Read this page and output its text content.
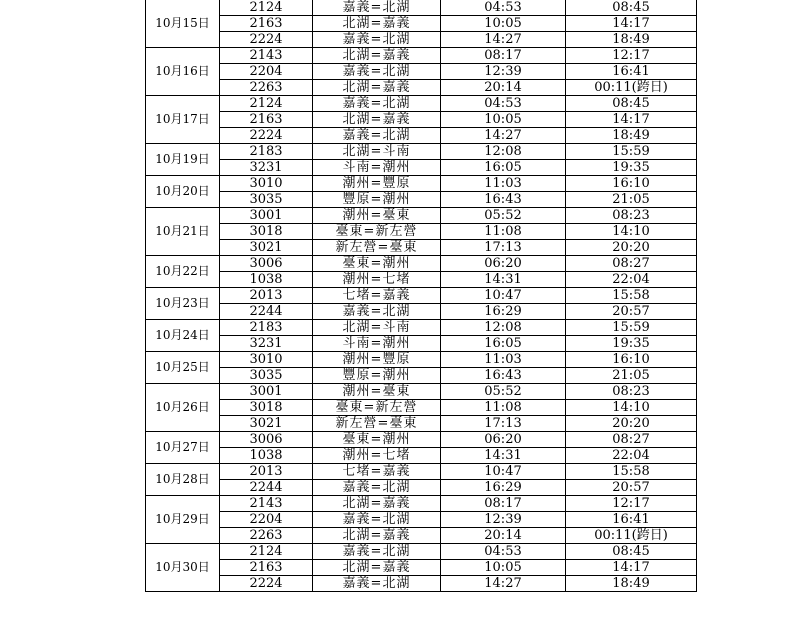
10月15日	2124	嘉義=北湖	04:53	08:45
	2163	北湖=嘉義	10:05	14:17
	2224	嘉義=北湖	14:27	18:49
10月16日	2143	北湖=嘉義	08:17	12:17
	2204	嘉義=北湖	12:39	16:41
	2263	北湖=嘉義	20:14	00:11(跨日)
10月17日	2124	嘉義=北湖	04:53	08:45
	2163	北湖=嘉義	10:05	14:17
	2224	嘉義=北湖	14:27	18:49
10月19日	2183	北湖=斗南	12:08	15:59
	3231	斗南=潮州	16:05	19:35
10月20日	3010	潮州=豐原	11:03	16:10
	3035	豐原=潮州	16:43	21:05
10月21日	3001	潮州=臺東	05:52	08:23
	3018	臺東=新左營	11:08	14:10
	3021	新左營=臺東	17:13	20:20
10月22日	3006	臺東=潮州	06:20	08:27
	1038	潮州=七堵	14:31	22:04
10月23日	2013	七堵=嘉義	10:47	15:58
	2244	嘉義=北湖	16:29	20:57
10月24日	2183	北湖=斗南	12:08	15:59
	3231	斗南=潮州	16:05	19:35
10月25日	3010	潮州=豐原	11:03	16:10
	3035	豐原=潮州	16:43	21:05
10月26日	3001	潮州=臺東	05:52	08:23
	3018	臺東=新左營	11:08	14:10
	3021	新左營=臺東	17:13	20:20
10月27日	3006	臺東=潮州	06:20	08:27
	1038	潮州=七堵	14:31	22:04
10月28日	2013	七堵=嘉義	10:47	15:58
	2244	嘉義=北湖	16:29	20:57
10月29日	2143	北湖=嘉義	08:17	12:17
	2204	嘉義=北湖	12:39	16:41
	2263	北湖=嘉義	20:14	00:11(跨日)
10月30日	2124	嘉義=北湖	04:53	08:45
	2163	北湖=嘉義	10:05	14:17
	2224	嘉義=北湖	14:27	18:49
